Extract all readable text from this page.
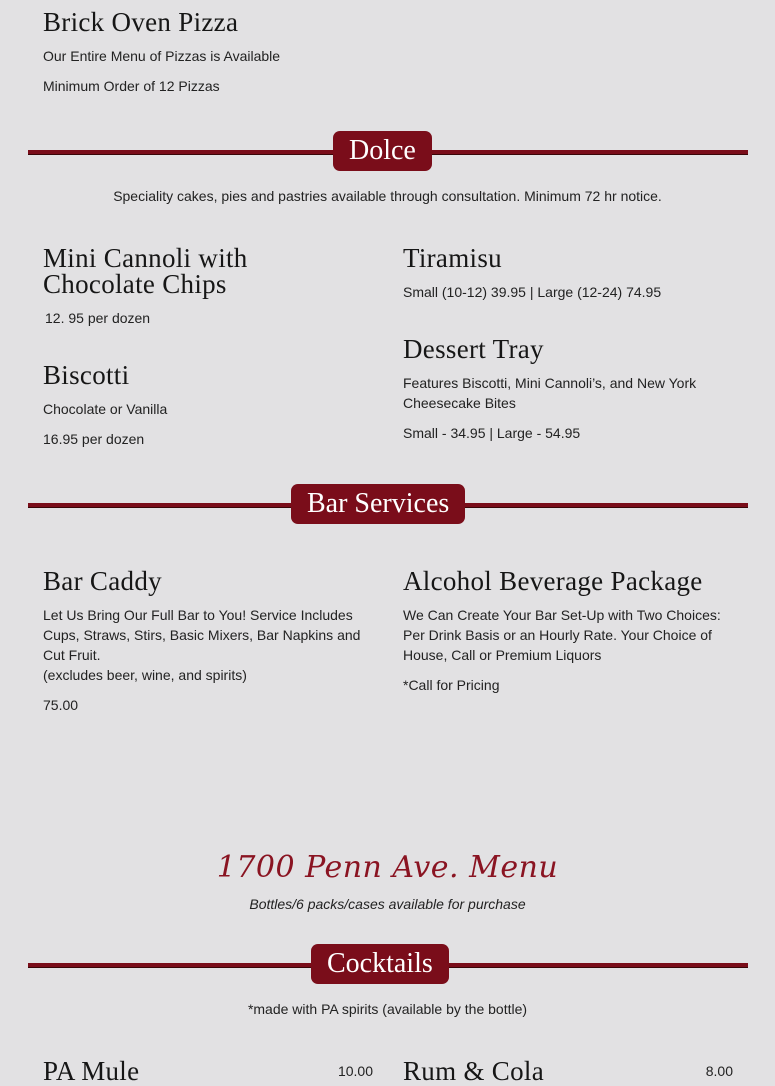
Brick Oven Pizza
Our Entire Menu of Pizzas is Available
Minimum Order of 12 Pizzas
Dolce
Speciality cakes, pies and pastries available through consultation. Minimum 72 hr notice.
Mini Cannoli with
Chocolate Chips
12. 95 per dozen
Biscotti
Chocolate or Vanilla
16.95 per dozen
Tiramisu
Small (10-12) 39.95 | Large (12-24) 74.95
Dessert Tray
Features Biscotti, Mini Cannoli’s, and New York
Cheesecake Bites
Small - 34.95 | Large - 54.95
Bar Services
Bar Caddy
Let Us Bring Our Full Bar to You! Service Includes
Cups, Straws, Stirs, Basic Mixers, Bar Napkins and
Cut Fruit.
(excludes beer, wine, and spirits)
75.00
Alcohol Beverage Package
We Can Create Your Bar Set-Up with Two Choices:
Per Drink Basis or an Hourly Rate. Your Choice of
House, Call or Premium Liquors
*Call for Pricing
1700 Penn Ave. Menu
Bottles/6 packs/cases available for purchase
Cocktails
*made with PA spirits (available by the bottle)
PA Mule	10.00 Rum & Cola	8.00
